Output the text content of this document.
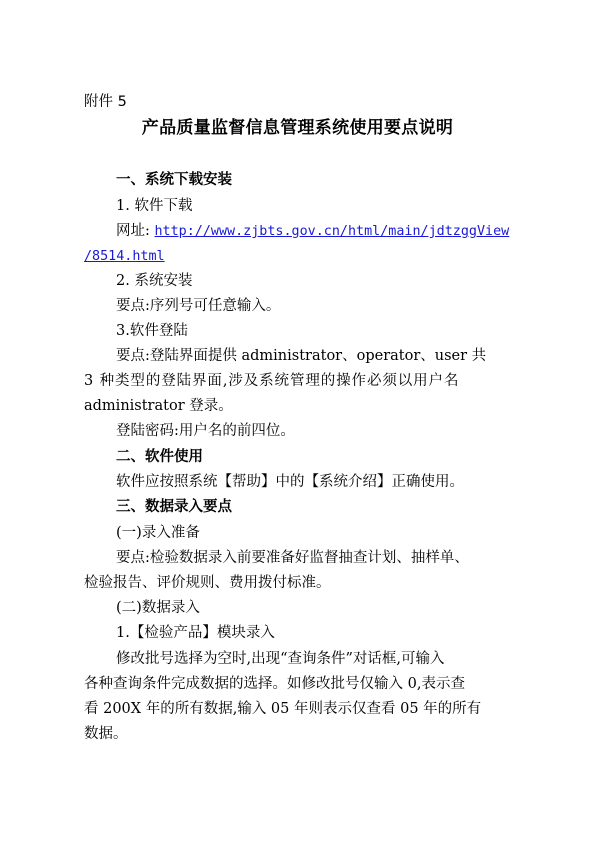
附件 5
产品质量监督信息管理系统使用要点说明
一、系统下载安装
1. 软件下载
网址: http://www.zjbts.gov.cn/html/main/jdtzggView
/8514.html
2. 系统安装
要点:序列号可任意输入。
3.软件登陆
要点:登陆界面提供 administrator、operator、user 共
3 种类型的登陆界面,涉及系统管理的操作必须以用户名
administrator 登录。
登陆密码:用户名的前四位。
二、软件使用
软件应按照系统【帮助】中的【系统介绍】正确使用。
三、数据录入要点
(一)录入准备
要点:检验数据录入前要准备好监督抽查计划、抽样单、
检验报告、评价规则、费用拨付标准。
(二)数据录入
1.【检验产品】模块录入
修改批号选择为空时,出现“查询条件”对话框,可输入
各种查询条件完成数据的选择。如修改批号仅输入 0,表示查
看 200X 年的所有数据,输入 05 年则表示仅查看 05 年的所有
数据。
